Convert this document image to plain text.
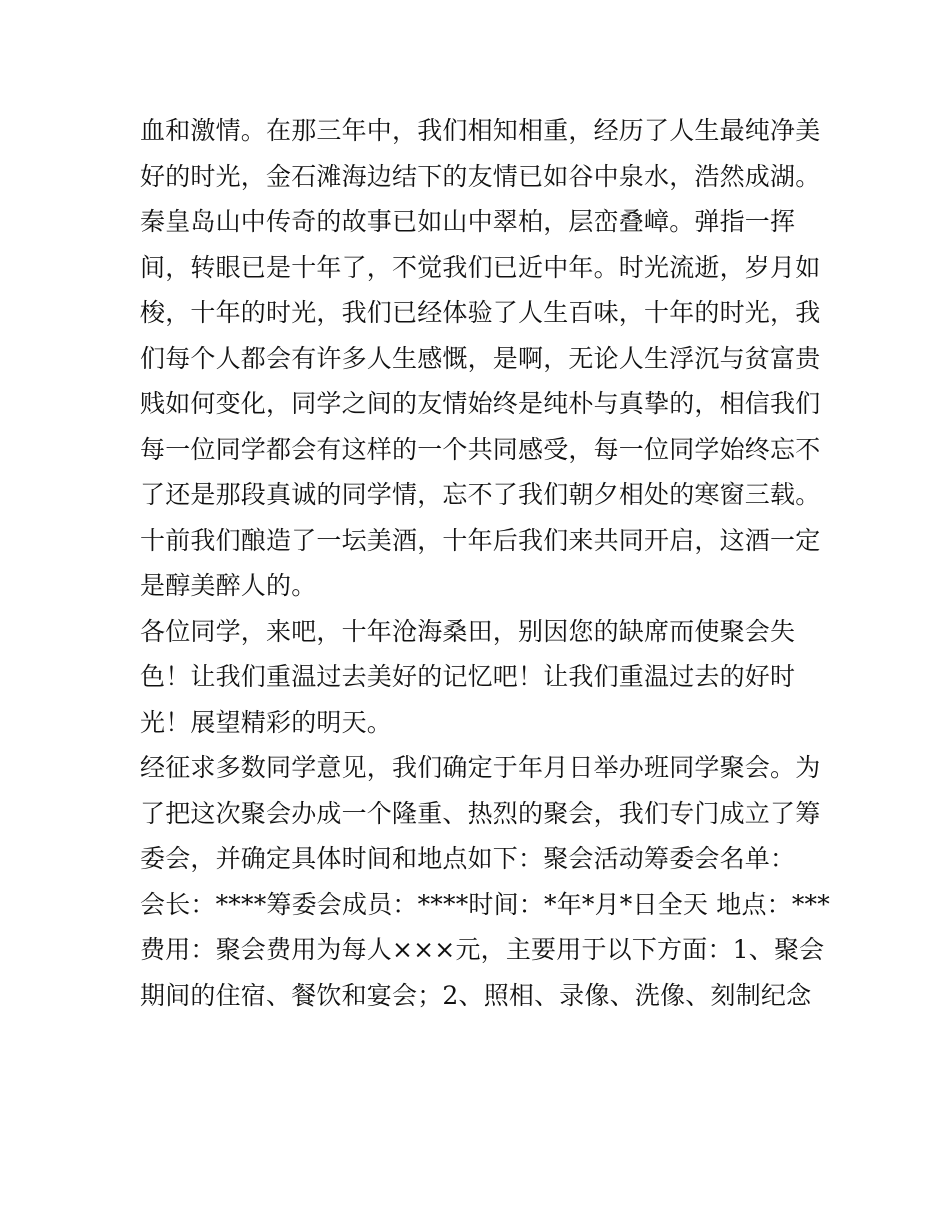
血和激情。在那三年中，我们相知相重，经历了人生最纯净美
好的时光，金石滩海边结下的友情已如谷中泉水，浩然成湖。
秦皇岛山中传奇的故事已如山中翠柏，层峦叠嶂。弹指一挥
间，转眼已是十年了，不觉我们已近中年。时光流逝，岁月如
梭，十年的时光，我们已经体验了人生百味，十年的时光，我
们每个人都会有许多人生感慨，是啊，无论人生浮沉与贫富贵
贱如何变化，同学之间的友情始终是纯朴与真挚的，相信我们
每一位同学都会有这样的一个共同感受，每一位同学始终忘不
了还是那段真诚的同学情，忘不了我们朝夕相处的寒窗三载。
十前我们酿造了一坛美酒，十年后我们来共同开启，这酒一定
是醇美醉人的。
各位同学，来吧，十年沧海桑田，别因您的缺席而使聚会失
色！让我们重温过去美好的记忆吧！让我们重温过去的好时
光！展望精彩的明天。
经征求多数同学意见，我们确定于年月日举办班同学聚会。为
了把这次聚会办成一个隆重、热烈的聚会，我们专门成立了筹
委会，并确定具体时间和地点如下：聚会活动筹委会名单：
会长：****筹委会成员：****时间：*年*月*日全天 地点：***
费用：聚会费用为每人×××元，主要用于以下方面：1、聚会
期间的住宿、餐饮和宴会；2、照相、录像、洗像、刻制纪念
